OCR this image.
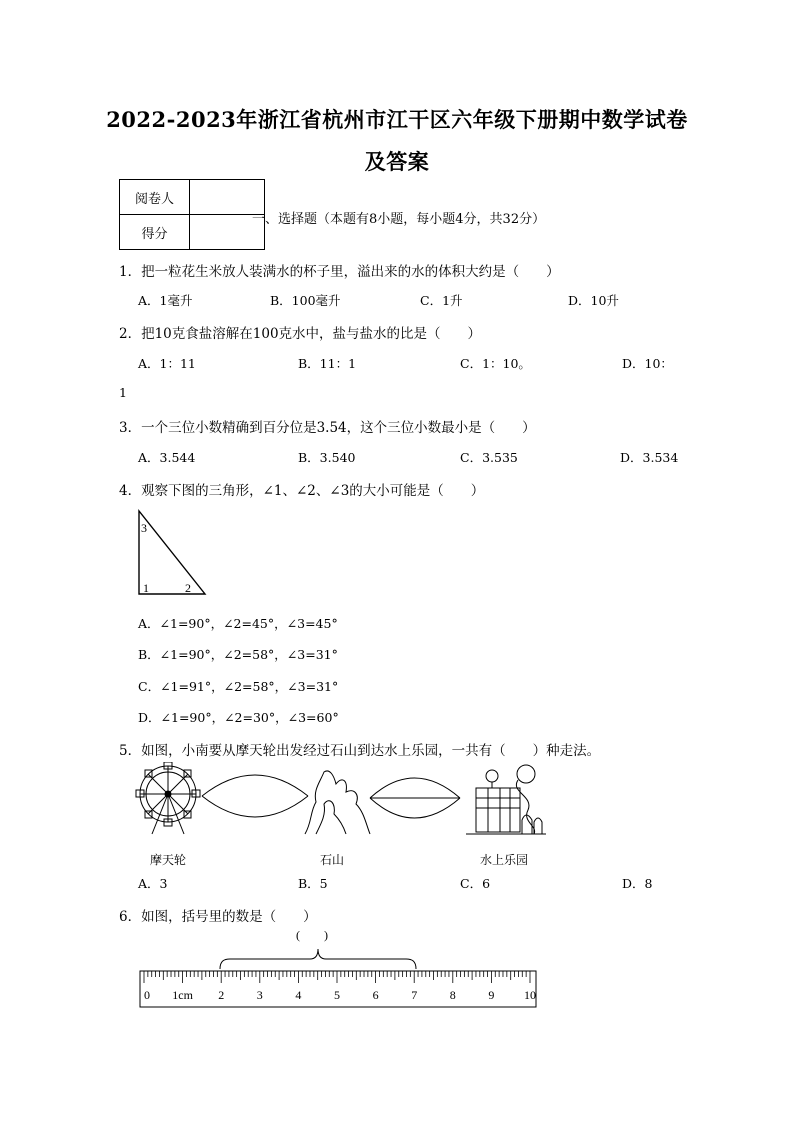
2022-2023年浙江省杭州市江干区六年级下册期中数学试卷
及答案
阅卷人	
得分	
一、选择题（本题有8小题，每小题4分，共32分）
1．把一粒花生米放人装满水的杯子里，溢出来的水的体积大约是（　　）
A．1毫升	B．100毫升	C．1升	D．10升
2．把10克食盐溶解在100克水中，盐与盐水的比是（　　）
A．1：11	B．11：1	C．1：10。	D．10：
1
3．一个三位小数精确到百分位是3.54，这个三位小数最小是（　　）
A．3.544	B．3.540	C．3.535	D．3.534
4．观察下图的三角形，∠1、∠2、∠3的大小可能是（　　）
3
1	2
A．∠1=90°，∠2=45°，∠3=45°
B．∠1=90°，∠2=58°，∠3=31°
C．∠1=91°，∠2=58°，∠3=31°
D．∠1=90°，∠2=30°，∠3=60°
5．如图，小南要从摩天轮出发经过石山到达水上乐园，一共有（　　）种走法。
摩天轮	石山	水上乐园
A．3	B．5	C．6	D．8
6．如图，括号里的数是（　　）
(　　)
0 1cm 2	3	4	5	6	7	8	9 10
